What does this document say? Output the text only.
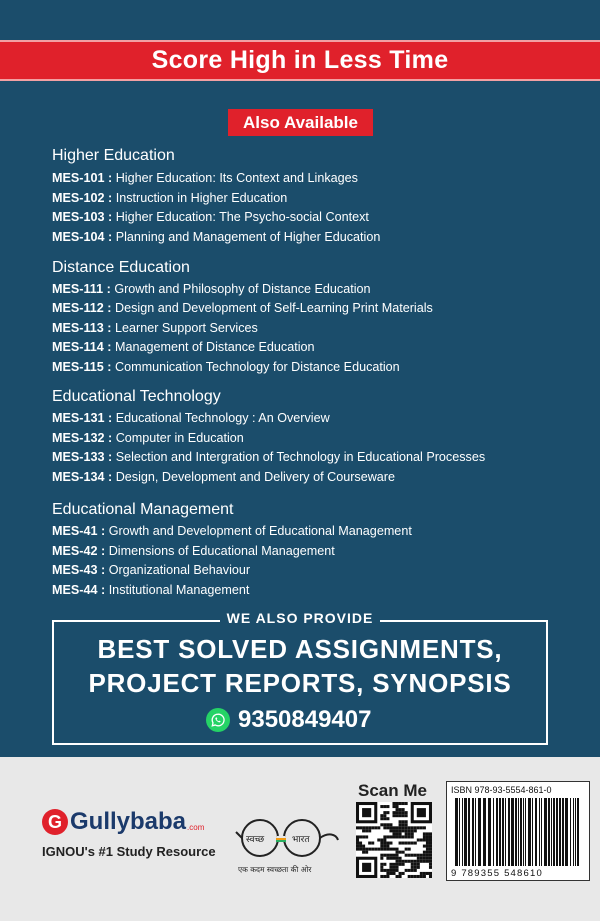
Score High in Less Time
Also Available
Higher Education
MES-101 : Higher Education: Its Context and Linkages
MES-102 : Instruction in Higher Education
MES-103 : Higher Education: The Psycho-social Context
MES-104 : Planning and Management of Higher Education
Distance Education
MES-111 : Growth and Philosophy of Distance Education
MES-112 : Design and Development of Self-Learning Print Materials
MES-113 : Learner Support Services
MES-114 : Management of Distance Education
MES-115 : Communication Technology for Distance Education
Educational Technology
MES-131 : Educational Technology : An Overview
MES-132 : Computer in Education
MES-133 : Selection and Intergration of Technology in Educational Processes
MES-134 : Design, Development and Delivery of Courseware
Educational Management
MES-41 : Growth and Development of Educational Management
MES-42 : Dimensions of Educational Management
MES-43 : Organizational Behaviour
MES-44 : Institutional Management
WE ALSO PROVIDE
BEST SOLVED ASSIGNMENTS,
PROJECT REPORTS, SYNOPSIS
9350849407
G Gullybaba .com
IGNOU's #1 Study Resource
स्वच्छ	भारत
एक कदम स्वच्छता की ओर
Scan Me	ISBN 978-93-5554-861-0
9 789355 548610
